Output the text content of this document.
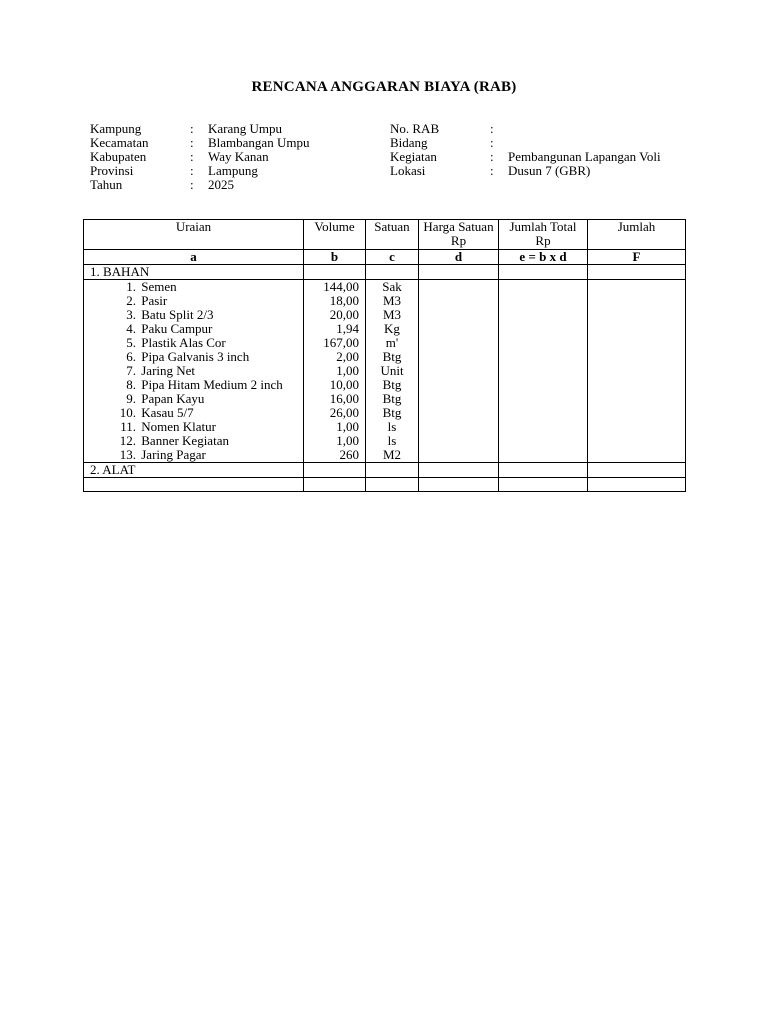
RENCANA ANGGARAN BIAYA (RAB)
Kampung	:	Karang Umpu
Kecamatan	:	Blambangan Umpu
Kabupaten	:	Way Kanan
Provinsi	:	Lampung
Tahun	:	2025
No. RAB	:
Bidang	:
Kegiatan	:	Pembangunan Lapangan Voli
Lokasi	:	Dusun 7 (GBR)
Uraian	Volume	Satuan	Harga Satuan Rp	Jumlah Total Rp	Jumlah
a	b	c	d	e = b x d	F
1. BAHAN					
1. Semen	144,00	Sak			
2. Pasir	18,00	M3			
3. Batu Split 2/3	20,00	M3			
4. Paku Campur	1,94	Kg			
5. Plastik Alas Cor	167,00	m'			
6. Pipa Galvanis 3 inch	2,00	Btg			
7. Jaring Net	1,00	Unit			
8. Pipa Hitam Medium 2 inch	10,00	Btg			
9. Papan Kayu	16,00	Btg			
10. Kasau 5/7	26,00	Btg			
11. Nomen Klatur	1,00	ls			
12. Banner Kegiatan	1,00	ls			
13. Jaring Pagar	260	M2			
2. ALAT					
